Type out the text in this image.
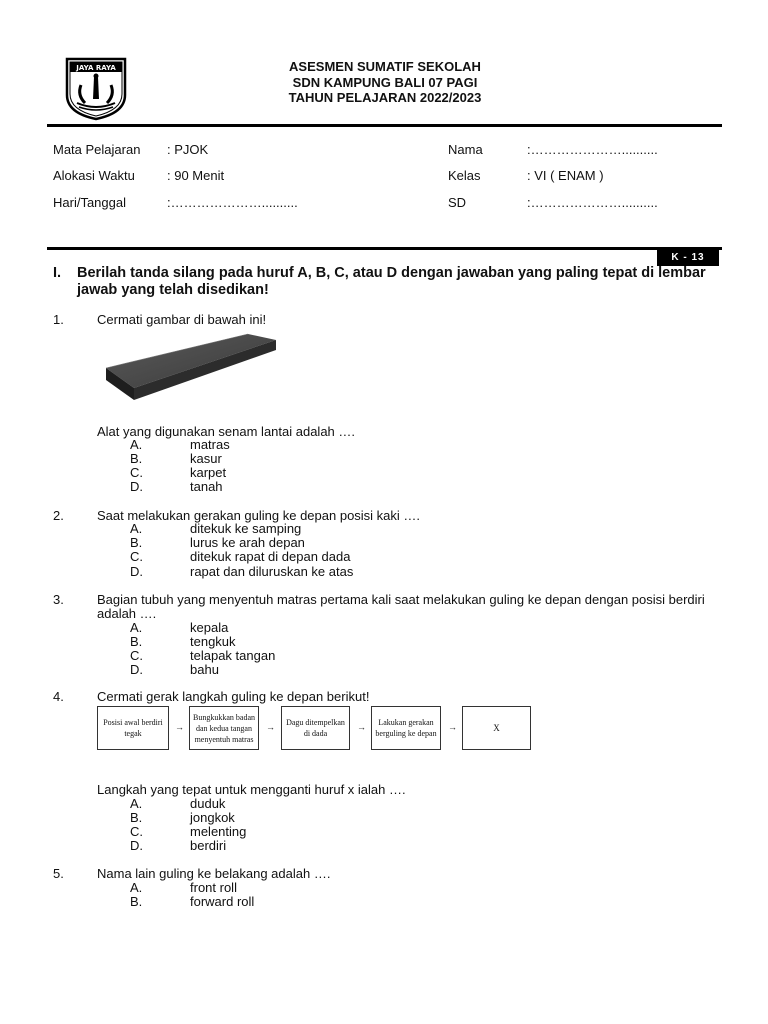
JAYA RAYA	ASESMEN SUMATIF SEKOLAH
SDN KAMPUNG BALI 07 PAGI
TAHUN PELAJARAN 2022/2023
Mata Pelajaran : PJOK	Nama	:…………………..........
Alokasi Waktu : 90 Menit	Kelas	: VI ( ENAM )
Hari/Tanggal	:…………………..........	SD	:…………………..........
K - 13
I.	Berilah tanda silang pada huruf A, B, C, atau D dengan jawaban yang paling tepat di lembar jawab yang telah disedikan!
1.	Cermati gambar di bawah ini!
Alat yang digunakan senam lantai adalah ….
A.	matras
B.	kasur
C.	karpet
D.	tanah
2.	Saat melakukan gerakan guling ke depan posisi kaki ….
A.	ditekuk ke samping
B.	lurus ke arah depan
C.	ditekuk rapat di depan dada
D.	rapat dan diluruskan ke atas
3.	Bagian tubuh yang menyentuh matras pertama kali saat melakukan guling ke depan dengan posisi berdiri adalah ….
A.	kepala
B.	tengkuk
C.	telapak tangan
D.	bahu
4.	Cermati gerak langkah guling ke depan berikut!
Posisi awal berdiri tegak
→
Bungkukkan badan dan kedua tangan menyentuh matras
→	Dagu ditempelkan di dada
→	Lakukan gerakan berguling ke depan
→	X
Langkah yang tepat untuk mengganti huruf x ialah ….
A.	duduk
B.	jongkok
C.	melenting
D.	berdiri
5.	Nama lain guling ke belakang adalah ….
A.	front roll
B.	forward roll
